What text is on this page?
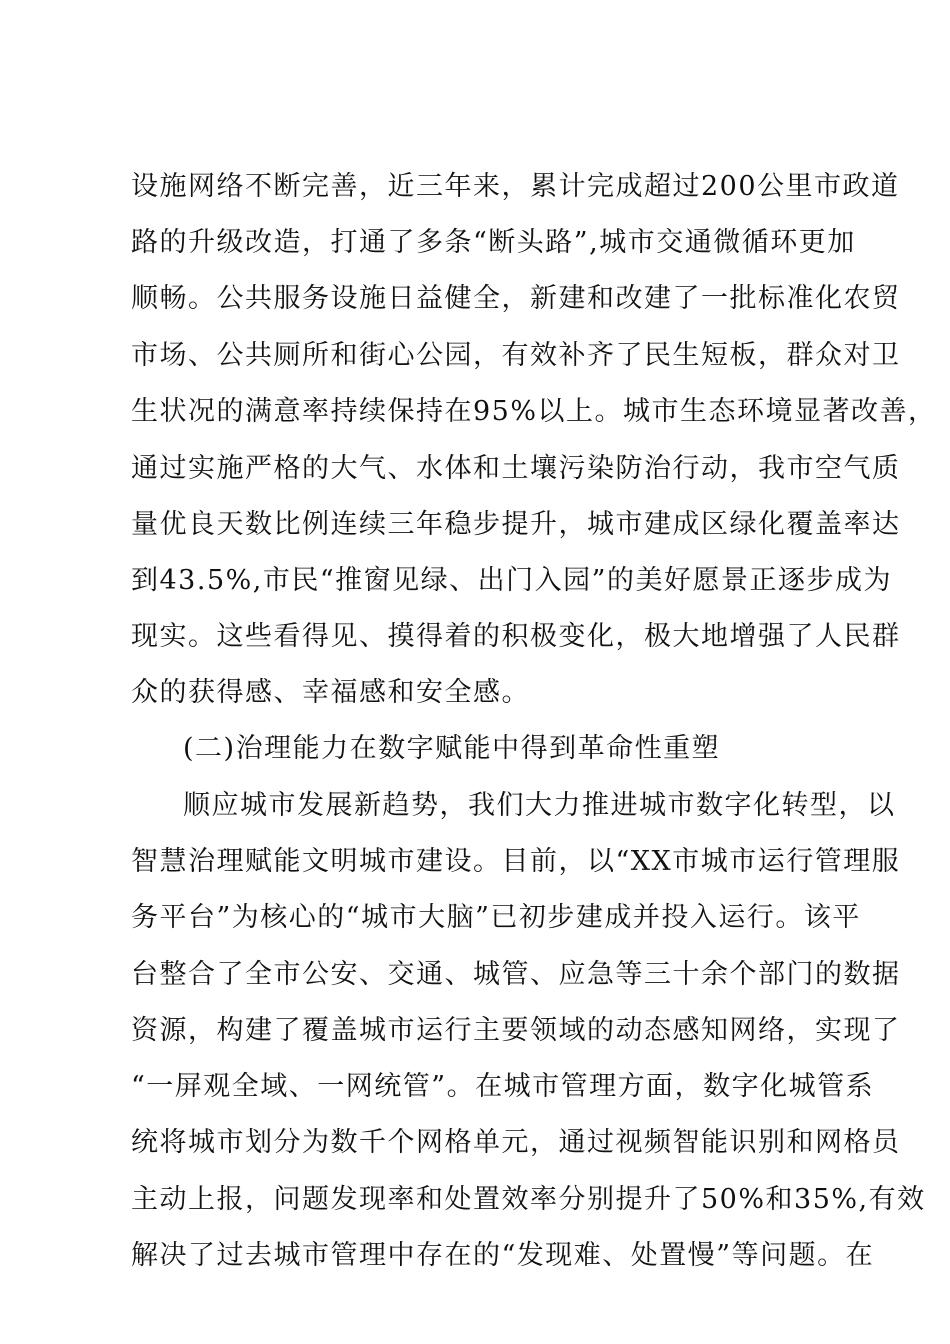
设施网络不断完善，近三年来，累计完成超过200公里市政道

路的升级改造，打通了多条“断头路”,城市交通微循环更加

顺畅。公共服务设施日益健全，新建和改建了一批标准化农贸

市场、公共厕所和街心公园，有效补齐了民生短板，群众对卫

生状况的满意率持续保持在95%以上。城市生态环境显著改善，

通过实施严格的大气、水体和土壤污染防治行动，我市空气质

量优良天数比例连续三年稳步提升，城市建成区绿化覆盖率达

到43.5%,市民“推窗见绿、出门入园”的美好愿景正逐步成为

现实。这些看得见、摸得着的积极变化，极大地增强了人民群

众的获得感、幸福感和安全感。

(二)治理能力在数字赋能中得到革命性重塑

顺应城市发展新趋势，我们大力推进城市数字化转型，以

智慧治理赋能文明城市建设。目前，以“XX市城市运行管理服

务平台”为核心的“城市大脑”已初步建成并投入运行。该平

台整合了全市公安、交通、城管、应急等三十余个部门的数据

资源，构建了覆盖城市运行主要领域的动态感知网络，实现了

“一屏观全域、一网统管”。在城市管理方面，数字化城管系

统将城市划分为数千个网格单元，通过视频智能识别和网格员

主动上报，问题发现率和处置效率分别提升了50%和35%,有效

解决了过去城市管理中存在的“发现难、处置慢”等问题。在
